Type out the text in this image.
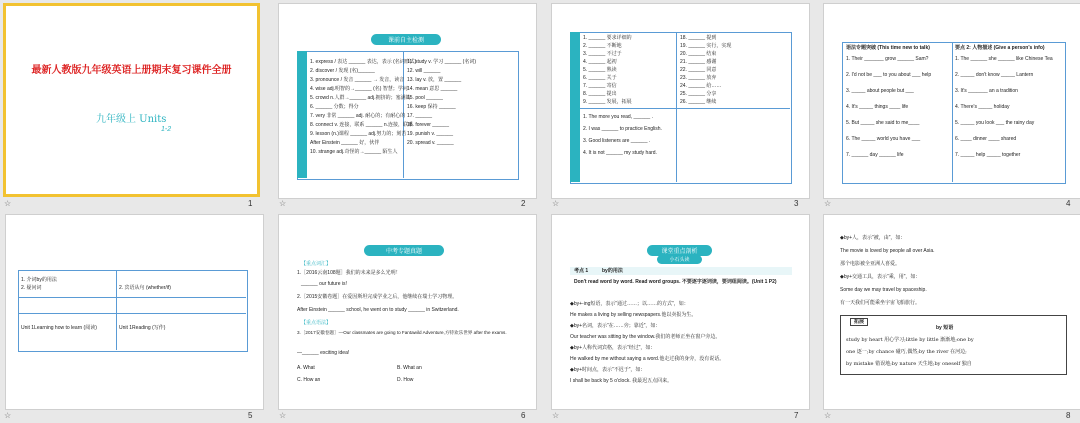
最新人教版九年级英语上册期末复习课件全册
九年级上 Units
1-2
☆	1
课前自主检测
1. express / 表达 ______ 表达，表示 (名词形式)
2. discover / 发现 (名)______
3. pronounce / 发音 ______ → 发音，读音
4. wise adj.明智的→______ (名) 智慧；学问
5. crowd n.人群→______ adj.拥挤的；塞满的
6. ______ 分数；得分
7. very 非常 ______ adj. 耐心的；有耐心的
8. connect v. 连接，联系 ______ n.连接，联系
9. lesson (n.)课程 ______ adj.努力的；刻苦
After Einstein ______ 好，伙伴
10. strange adj.奇怪的→______ 陌生人
11. study v. 学习 ______ (名词)
12. will ______
13. lay v. 放，置 ______
14. mean 意思 ______
15. pool ______
16. keep 保持 ______
17. ______
18. forever ______
19. punish v. ______
20. spread v. ______
☆	2
1. ______ 要求详细的
2. ______ 不断地
3. ______ 不过于
4. ______ 起初
5. ______ 熟读
6. ______ 关于
7. ______ 寄信
8. ______ 提出
9. ______ 发展，拓展
18. ______ 提到
19. ______ 实行，实现
20. ______ 结束
21. ______ 感谢
22. ______ 同意
23. ______ 放弃
24. ______ 给……
25. ______ 分享
26. ______ 继续
1. The more you read, ______ .
2. I was ______ to practice English.
3. Good listeners are ______ .
4. It is not ______ my study hard.
☆	3
语法专题突破 (This time new to talk)	要点 2: 人物描述 (Give a person's info)
1. Their _______ grow ______ Sam?
2. I'd not be ___ to you about ___ help
3. _____ about people but ___
4. It's _____ things ____ life
5. But _____ she said to me____
6. The _____ world you have ___
7. ______ day ______ life
1. The ______ she ______ like Chinese Tea
2. _____ don't know _____ Lantern
3. It's _______ an a tradition
4. There's _____ holiday
5. _____ you look ___ the rainy day
6. ____ dinner ____ shared
7. _____ help _____ together
☆	4
1. 介词by的用法
2. 疑问词	2. 宾语从句 (whether/if)
Unit 1Learning how to learn (阅读)	Unit 1Reading (写作)
☆	5
中考专题真题
【重点词汇】
1.［2016云南108题］我们的未来是多么光明！
______ our future is!
2.［2015安徽卷题］在爱因斯坦完成学业之后，他继续在瑞士学习物理。
After Einstein ______ school, he went on to study ______ in Switzerland.
【重点语法】
3.［2017安徽卷题］—Our classmates are going to Fantawild Adventure,方特欢乐世界 after the exams.
—______ exciting idea!
A. What	B. What an
C. How an	D. How
☆	6
课堂重点剖析
小石头读
考点 1	by的用法
Don't read word by word. Read word groups. 不要逐字逐词读，要词组阅读。(Unit 1 P2)
◆by+-ing短语，表示“通过……；以……的方式”，如：
He makes a living by selling newspapers.他以卖报为生。
◆by+名词，表示“在……旁；靠近”，如：
Our teacher was sitting by the window.我们的老师正坐在窗户旁边。
◆by+人称代词宾格，表示“经过”，如：
He walked by me without saying a word.他走过我的身旁，没有说话。
◆by+时间点，表示“不迟于”，如：
I shall be back by 5 o'clock. 我最迟五点回来。
☆	7
◆by+人，表示“被，由”，如：
The movie is loved by people all over Asia.
那个电影被全亚洲人喜爱。
◆by+交通工具，表示“乘，用”，如：
Some day we may travel by spaceship.
有一天我们可能乘坐宇宙飞船旅行。
拓展
by 短语
study by heart 用心学习;little by little 渐渐地;one by
one 逐一;by chance 碰巧,偶然;by the river 在河边;
by mistake 错误地;by nature 天生地;by oneself 独自
☆	8
